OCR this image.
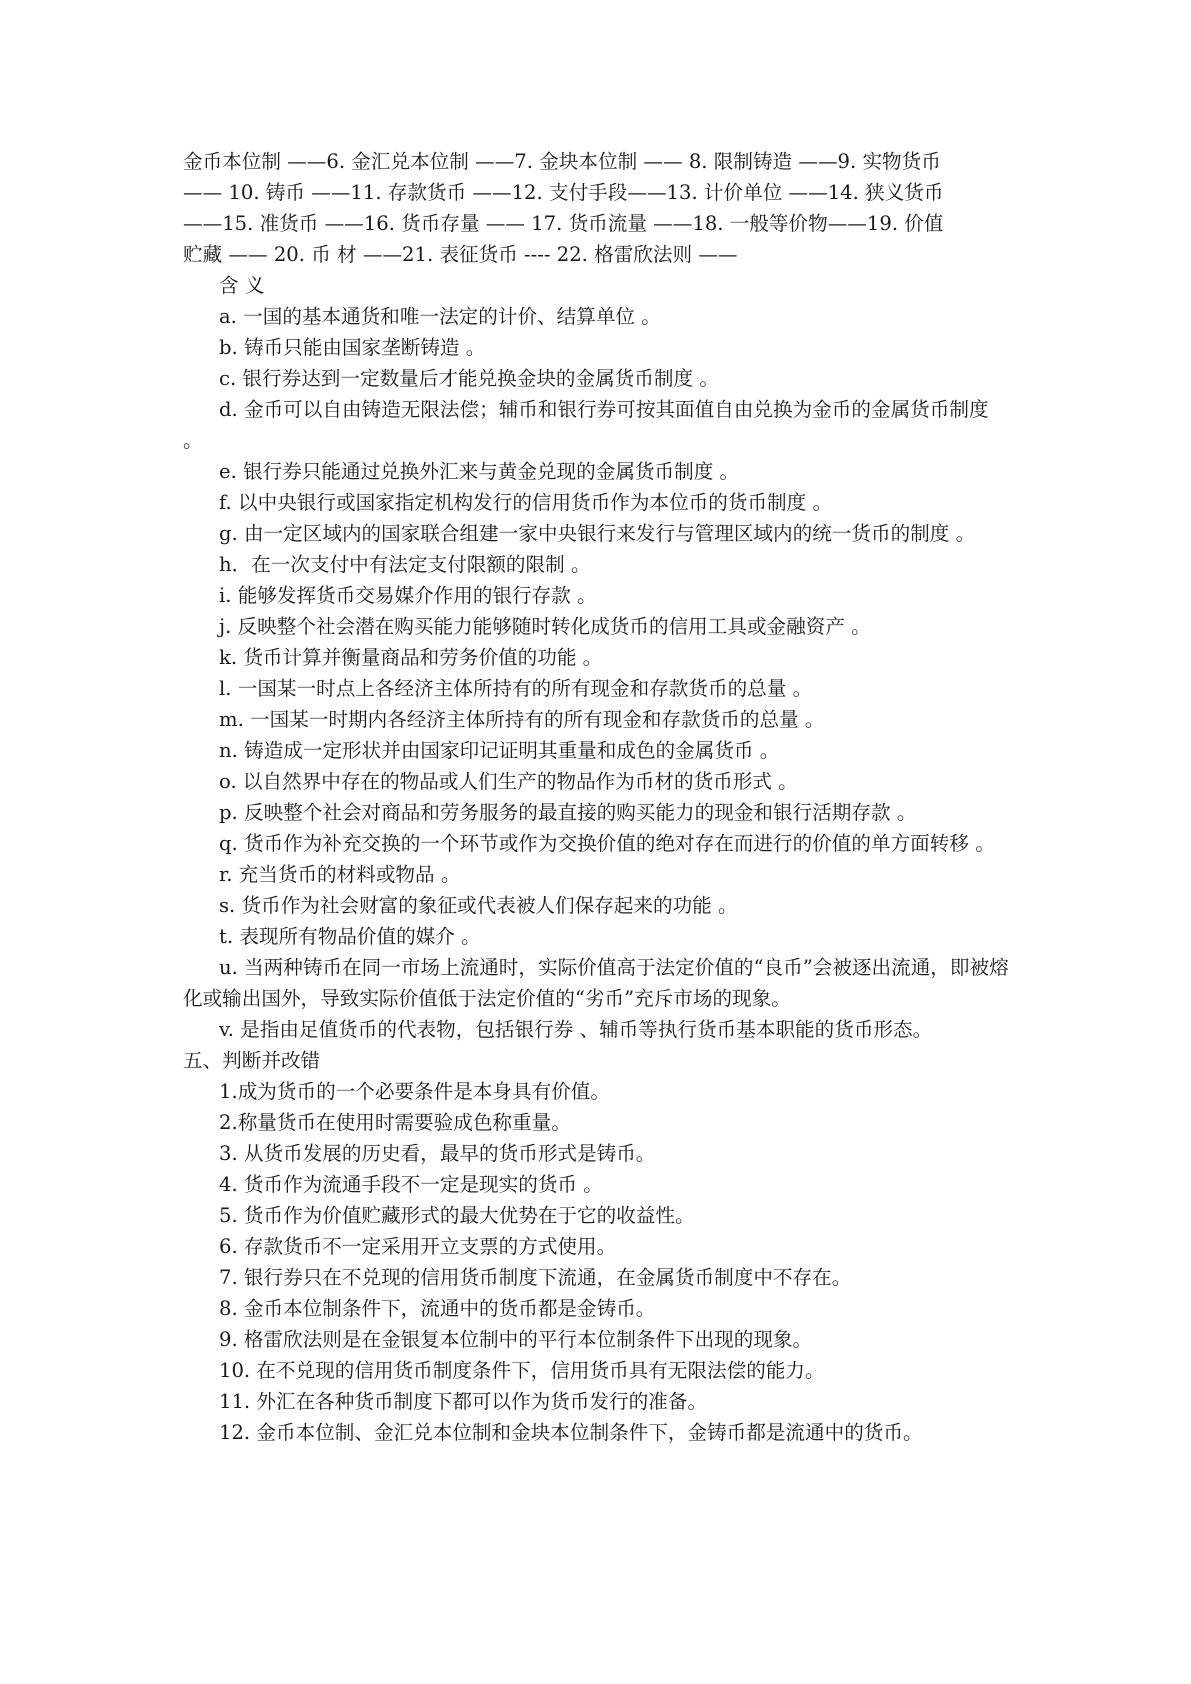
金币本位制 ——6. 金汇兑本位制 ——7. 金块本位制 —— 8. 限制铸造 ——9. 实物货币

—— 10. 铸币 ——11. 存款货币 ——12. 支付手段——13. 计价单位 ——14. 狭义货币

——15. 准货币 ——16. 货币存量 —— 17. 货币流量 ——18. 一般等价物——19. 价值

贮藏 —— 20. 币 材 ——21. 表征货币 ---- 22. 格雷欣法则 ——

含 义
a. 一国的基本通货和唯一法定的计价、结算单位 。
b. 铸币只能由国家垄断铸造 。
c. 银行券达到一定数量后才能兑换金块的金属货币制度 。
d. 金币可以自由铸造无限法偿；辅币和银行券可按其面值自由兑换为金币的金属货币制度 。
e. 银行券只能通过兑换外汇来与黄金兑现的金属货币制度 。
f. 以中央银行或国家指定机构发行的信用货币作为本位币的货币制度 。
g. 由一定区域内的国家联合组建一家中央银行来发行与管理区域内的统一货币的制度 。
h．在一次支付中有法定支付限额的限制 。
i. 能够发挥货币交易媒介作用的银行存款 。
j. 反映整个社会潜在购买能力能够随时转化成货币的信用工具或金融资产 。
k. 货币计算并衡量商品和劳务价值的功能 。
l. 一国某一时点上各经济主体所持有的所有现金和存款货币的总量 。
m. 一国某一时期内各经济主体所持有的所有现金和存款货币的总量 。
n. 铸造成一定形状并由国家印记证明其重量和成色的金属货币 。
o. 以自然界中存在的物品或人们生产的物品作为币材的货币形式 。
p. 反映整个社会对商品和劳务服务的最直接的购买能力的现金和银行活期存款 。
q. 货币作为补充交换的一个环节或作为交换价值的绝对存在而进行的价值的单方面转移 。
r. 充当货币的材料或物品 。
s. 货币作为社会财富的象征或代表被人们保存起来的功能 。
t. 表现所有物品价值的媒介 。
u. 当两种铸币在同一市场上流通时，实际价值高于法定价值的“良币”会被逐出流通，即被熔化或输出国外，导致实际价值低于法定价值的“劣币”充斥市场的现象。
v. 是指由足值货币的代表物，包括银行券 、辅币等执行货币基本职能的货币形态。
五、判断并改错
1.成为货币的一个必要条件是本身具有价值。
2.称量货币在使用时需要验成色称重量。
3. 从货币发展的历史看，最早的货币形式是铸币。
4. 货币作为流通手段不一定是现实的货币 。
5. 货币作为价值贮藏形式的最大优势在于它的收益性。
6. 存款货币不一定采用开立支票的方式使用。
7. 银行券只在不兑现的信用货币制度下流通，在金属货币制度中不存在。
8. 金币本位制条件下，流通中的货币都是金铸币。
9. 格雷欣法则是在金银复本位制中的平行本位制条件下出现的现象。
10. 在不兑现的信用货币制度条件下，信用货币具有无限法偿的能力。
11. 外汇在各种货币制度下都可以作为货币发行的准备。
12. 金币本位制、金汇兑本位制和金块本位制条件下，金铸币都是流通中的货币。
